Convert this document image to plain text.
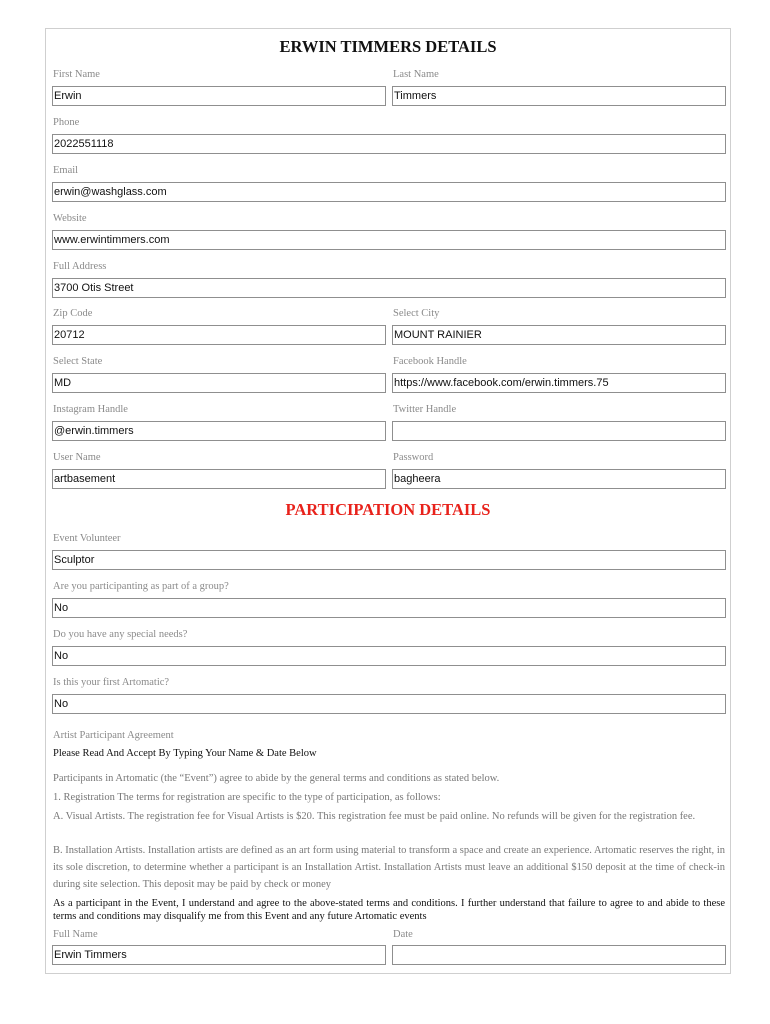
ERWIN TIMMERS DETAILS
First Name	Last Name
Erwin	Timmers
Phone
2022551118
Email
erwin@washglass.com
Website
www.erwintimmers.com
Full Address
3700 Otis Street
Zip Code	Select City
20712	MOUNT RAINIER
Select State	Facebook Handle
MD	https://www.facebook.com/erwin.timmers.75
Instagram Handle	Twitter Handle
@erwin.timmers
User Name	Password
artbasement	bagheera
PARTICIPATION DETAILS
Event Volunteer
Sculptor
Are you participanting as part of a group?
No
Do you have any special needs?
No
Is this your first Artomatic?
No
Artist Participant Agreement
Please Read And Accept By Typing Your Name & Date Below
Participants in Artomatic (the “Event”) agree to abide by the general terms and conditions as stated below.
1. Registration The terms for registration are specific to the type of participation, as follows:
A. Visual Artists. The registration fee for Visual Artists is $20. This registration fee must be paid online. No refunds will be given for the registration fee.
B. Installation Artists. Installation artists are defined as an art form using material to transform a space and create an experience. Artomatic reserves the right, in its sole discretion, to determine whether a participant is an Installation Artist. Installation Artists must leave an additional $150 deposit at the time of check-in during site selection. This deposit may be paid by check or money
As a participant in the Event, I understand and agree to the above-stated terms and conditions. I further understand that failure to agree to and abide to these terms and conditions may disqualify me from this Event and any future Artomatic events
Full Name	Date
Erwin Timmers
